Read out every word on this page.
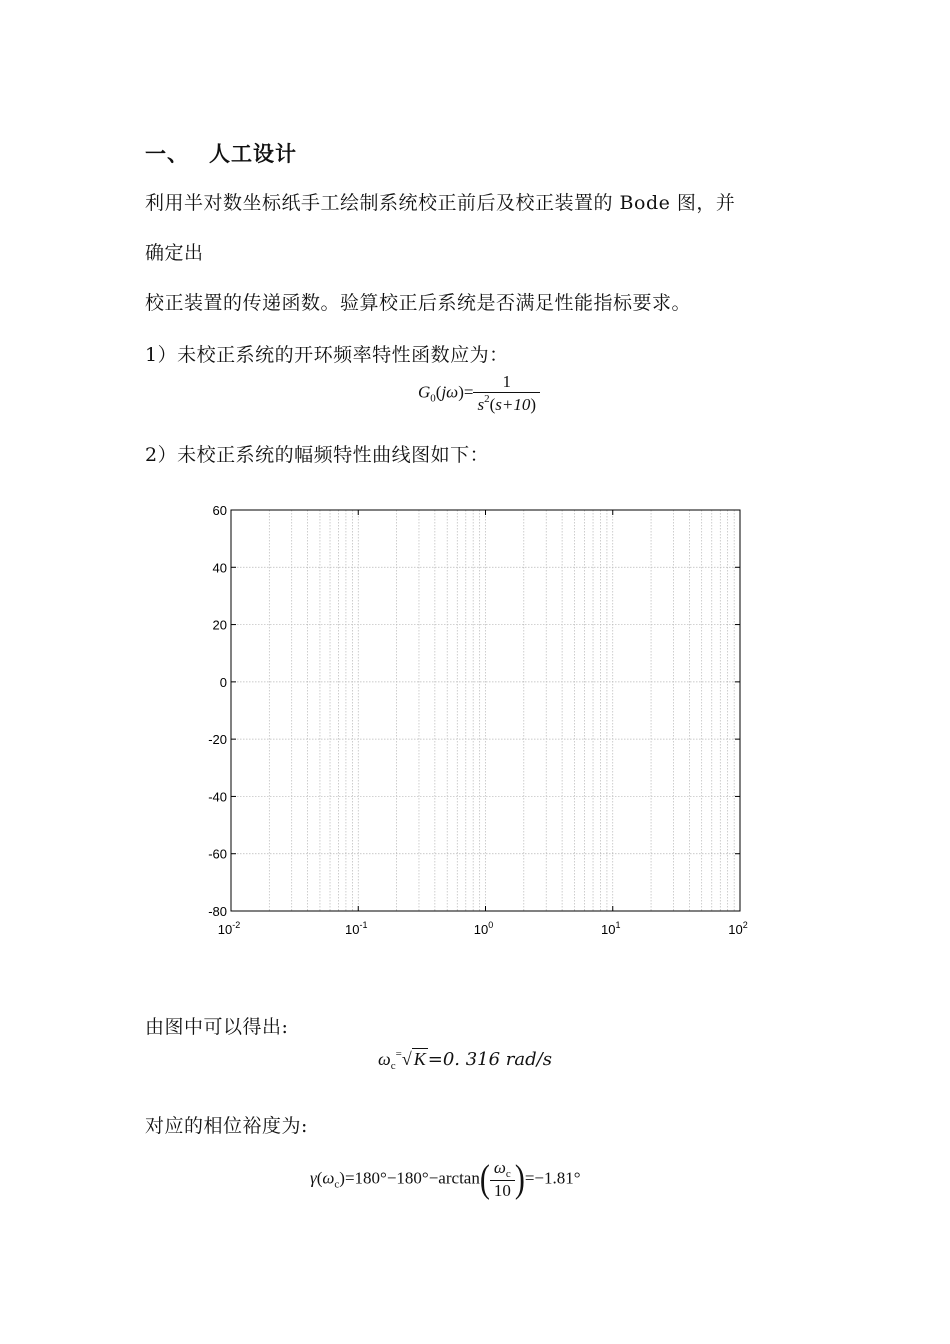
一、 人工设计
利用半对数坐标纸手工绘制系统校正前后及校正装置的 Bode 图，并
确定出
校正装置的传递函数。验算校正后系统是否满足性能指标要求。
1）未校正系统的开环频率特性函数应为：
$G_0(j\omega)= \frac{1}{s^2(s+10)}$
2）未校正系统的幅频特性曲线图如下：
60
40
20
0
-20
-40
-60
-80
$10^{-2}$	$10^{-1}$	$10^0$	$10^1$	$10^2$
由图中可以得出:
$\omega_c^=√$ K =0. 316 rad/s
对应的相位裕度为:
$\gamma(\omega_c)=180^\circ-180^\circ-\arctan( \frac{\omega_c}{10} )=-1.81^\circ$
